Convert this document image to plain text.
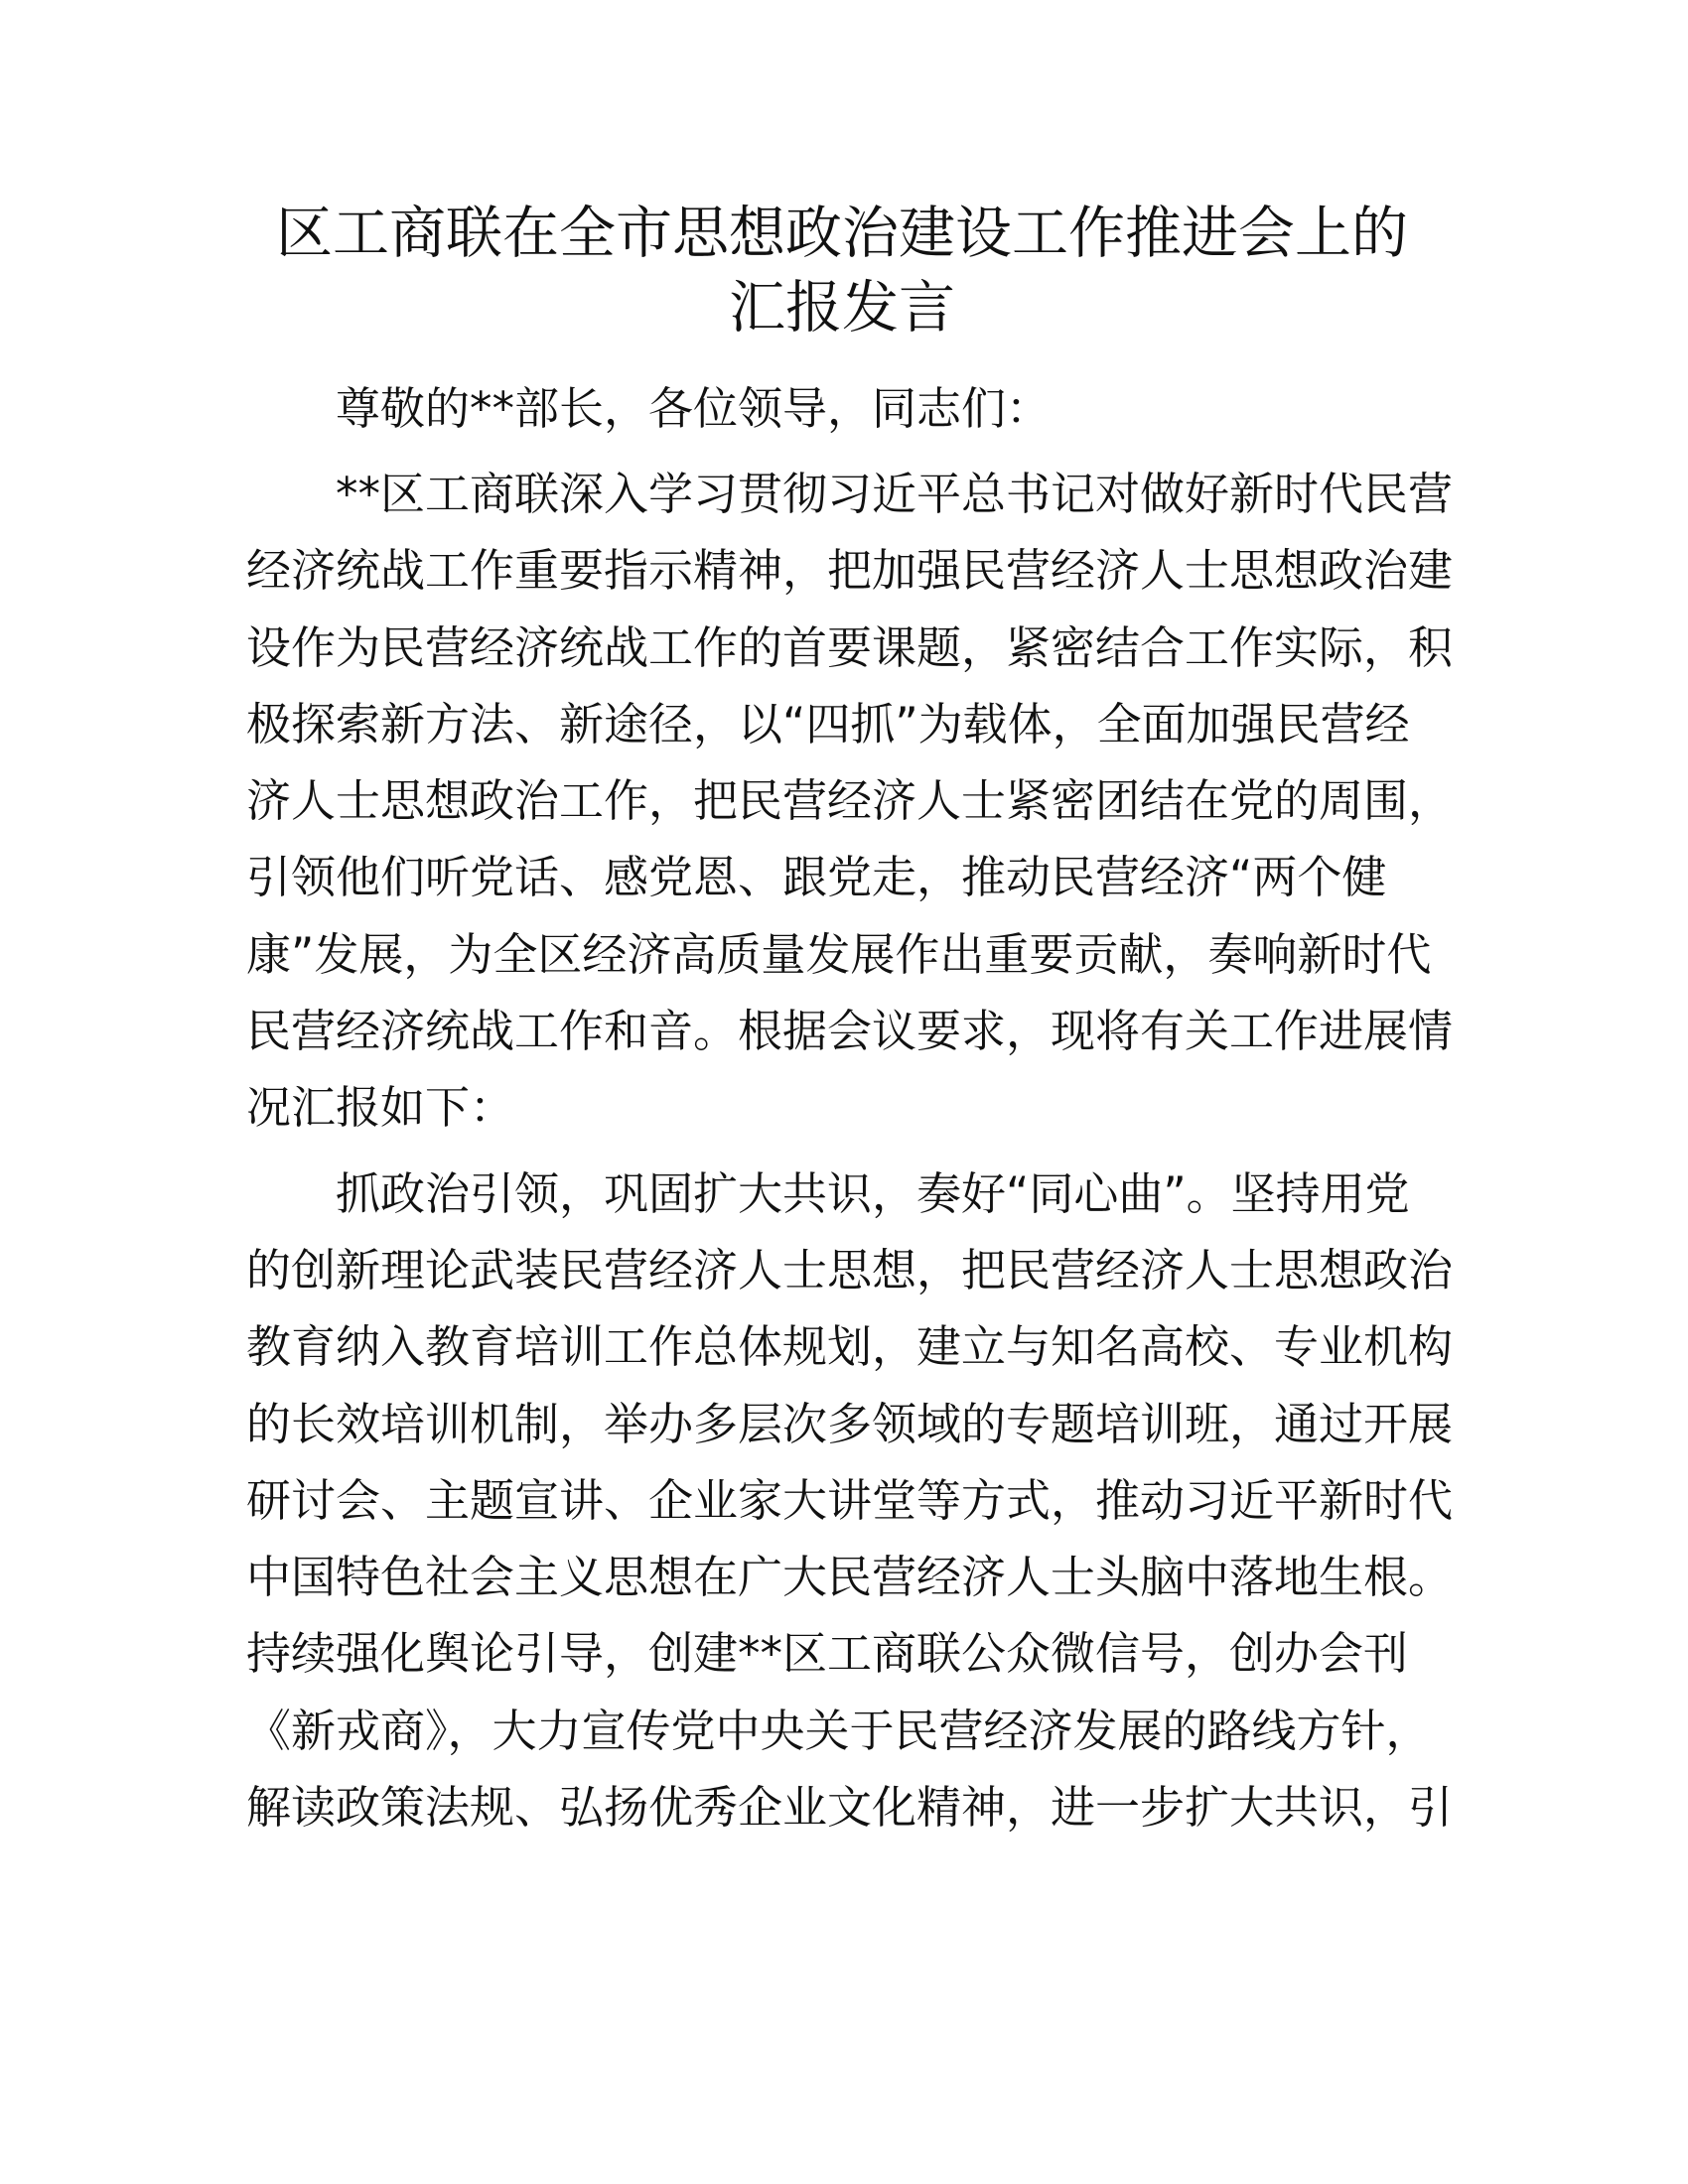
区工商联在全市思想政治建设工作推进会上的
汇报发言

尊敬的**部长，各位领导，同志们：

**区工商联深入学习贯彻习近平总书记对做好新时代民营
经济统战工作重要指示精神，把加强民营经济人士思想政治建
设作为民营经济统战工作的首要课题，紧密结合工作实际，积
极探索新方法、新途径，以“四抓”为载体，全面加强民营经
济人士思想政治工作，把民营经济人士紧密团结在党的周围，
引领他们听党话、感党恩、跟党走，推动民营经济“两个健
康”发展，为全区经济高质量发展作出重要贡献，奏响新时代
民营经济统战工作和音。根据会议要求，现将有关工作进展情
况汇报如下：

抓政治引领，巩固扩大共识，奏好“同心曲”。坚持用党
的创新理论武装民营经济人士思想，把民营经济人士思想政治
教育纳入教育培训工作总体规划，建立与知名高校、专业机构
的长效培训机制，举办多层次多领域的专题培训班，通过开展
研讨会、主题宣讲、企业家大讲堂等方式，推动习近平新时代
中国特色社会主义思想在广大民营经济人士头脑中落地生根。
持续强化舆论引导，创建**区工商联公众微信号，创办会刊
《新戎商》，大力宣传党中央关于民营经济发展的路线方针，
解读政策法规、弘扬优秀企业文化精神，进一步扩大共识，引
